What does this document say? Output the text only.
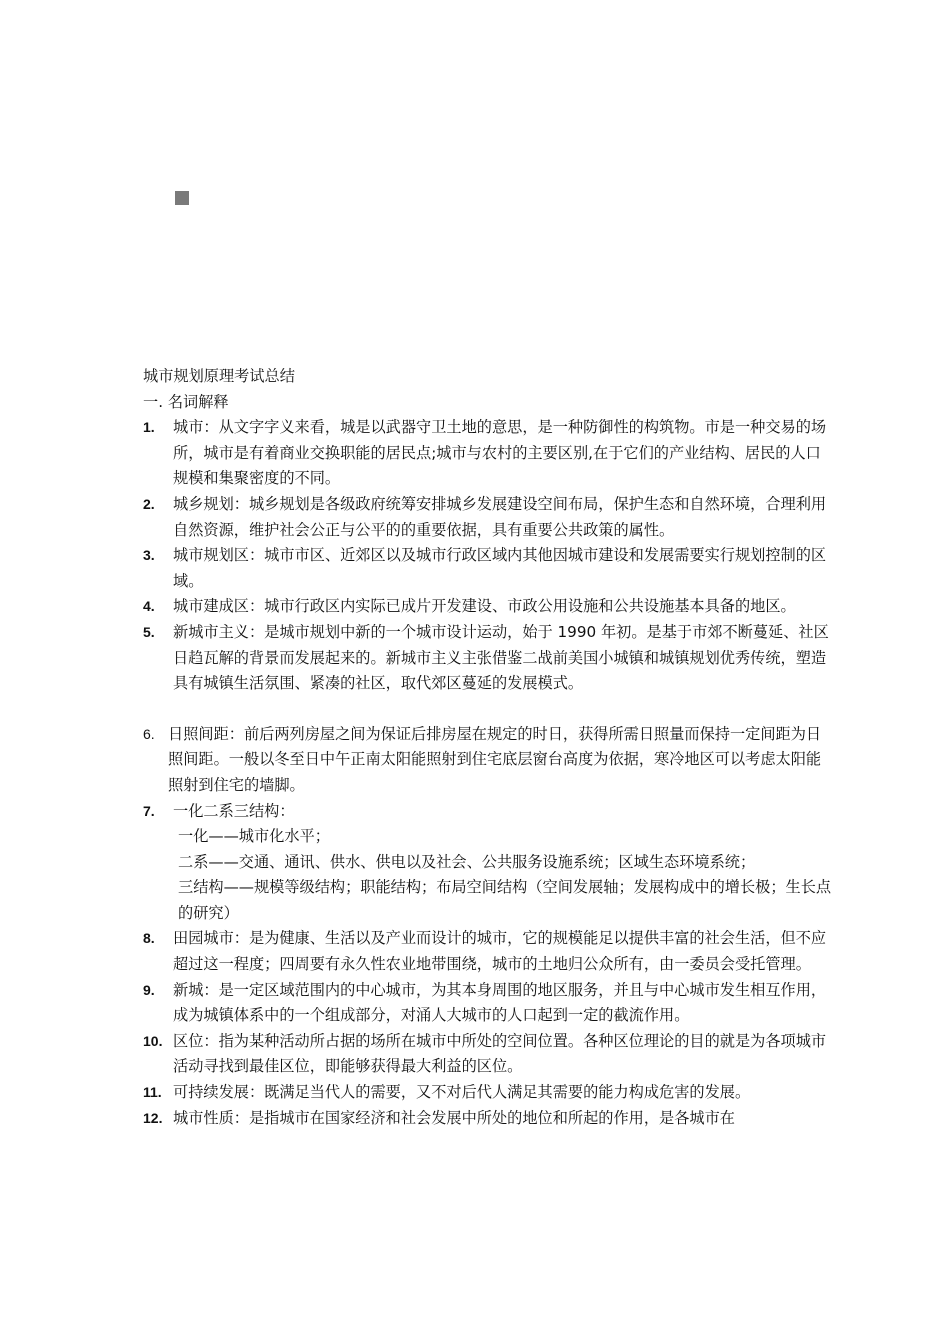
城市规划原理考试总结

一. 名词解释

1. 城市：从文字字义来看，城是以武器守卫土地的意思，是一种防御性的构筑物。市是一种交易的场所，城市是有着商业交换职能的居民点;城市与农村的主要区别,在于它们的产业结构、居民的人口规模和集聚密度的不同。

2. 城乡规划：城乡规划是各级政府统筹安排城乡发展建设空间布局，保护生态和自然环境，合理利用自然资源，维护社会公正与公平的的重要依据，具有重要公共政策的属性。

3. 城市规划区：城市市区、近郊区以及城市行政区域内其他因城市建设和发展需要实行规划控制的区域。

4. 城市建成区：城市行政区内实际已成片开发建设、市政公用设施和公共设施基本具备的地区。

5. 新城市主义：是城市规划中新的一个城市设计运动，始于 1990 年初。是基于市郊不断蔓延、社区日趋瓦解的背景而发展起来的。新城市主义主张借鉴二战前美国小城镇和城镇规划优秀传统，塑造具有城镇生活氛围、紧凑的社区，取代郊区蔓延的发展模式。

6. 日照间距：前后两列房屋之间为保证后排房屋在规定的时日，获得所需日照量而保持一定间距为日照间距。一般以冬至日中午正南太阳能照射到住宅底层窗台高度为依据，寒冷地区可以考虑太阳能照射到住宅的墙脚。

7. 一化二系三结构：

一化——城市化水平；

二系——交通、通讯、供水、供电以及社会、公共服务设施系统；区域生态环境系统；

三结构——规模等级结构；职能结构；布局空间结构（空间发展轴；发展构成中的增长极；生长点的研究）

8. 田园城市：是为健康、生活以及产业而设计的城市，它的规模能足以提供丰富的社会生活，但不应超过这一程度；四周要有永久性农业地带围绕，城市的土地归公众所有，由一委员会受托管理。

9. 新城：是一定区域范围内的中心城市，为其本身周围的地区服务，并且与中心城市发生相互作用，成为城镇体系中的一个组成部分，对涌人大城市的人口起到一定的截流作用。

10. 区位：指为某种活动所占据的场所在城市中所处的空间位置。各种区位理论的目的就是为各项城市活动寻找到最佳区位，即能够获得最大利益的区位。

11. 可持续发展：既满足当代人的需要，又不对后代人满足其需要的能力构成危害的发展。

12. 城市性质：是指城市在国家经济和社会发展中所处的地位和所起的作用，是各城市在
